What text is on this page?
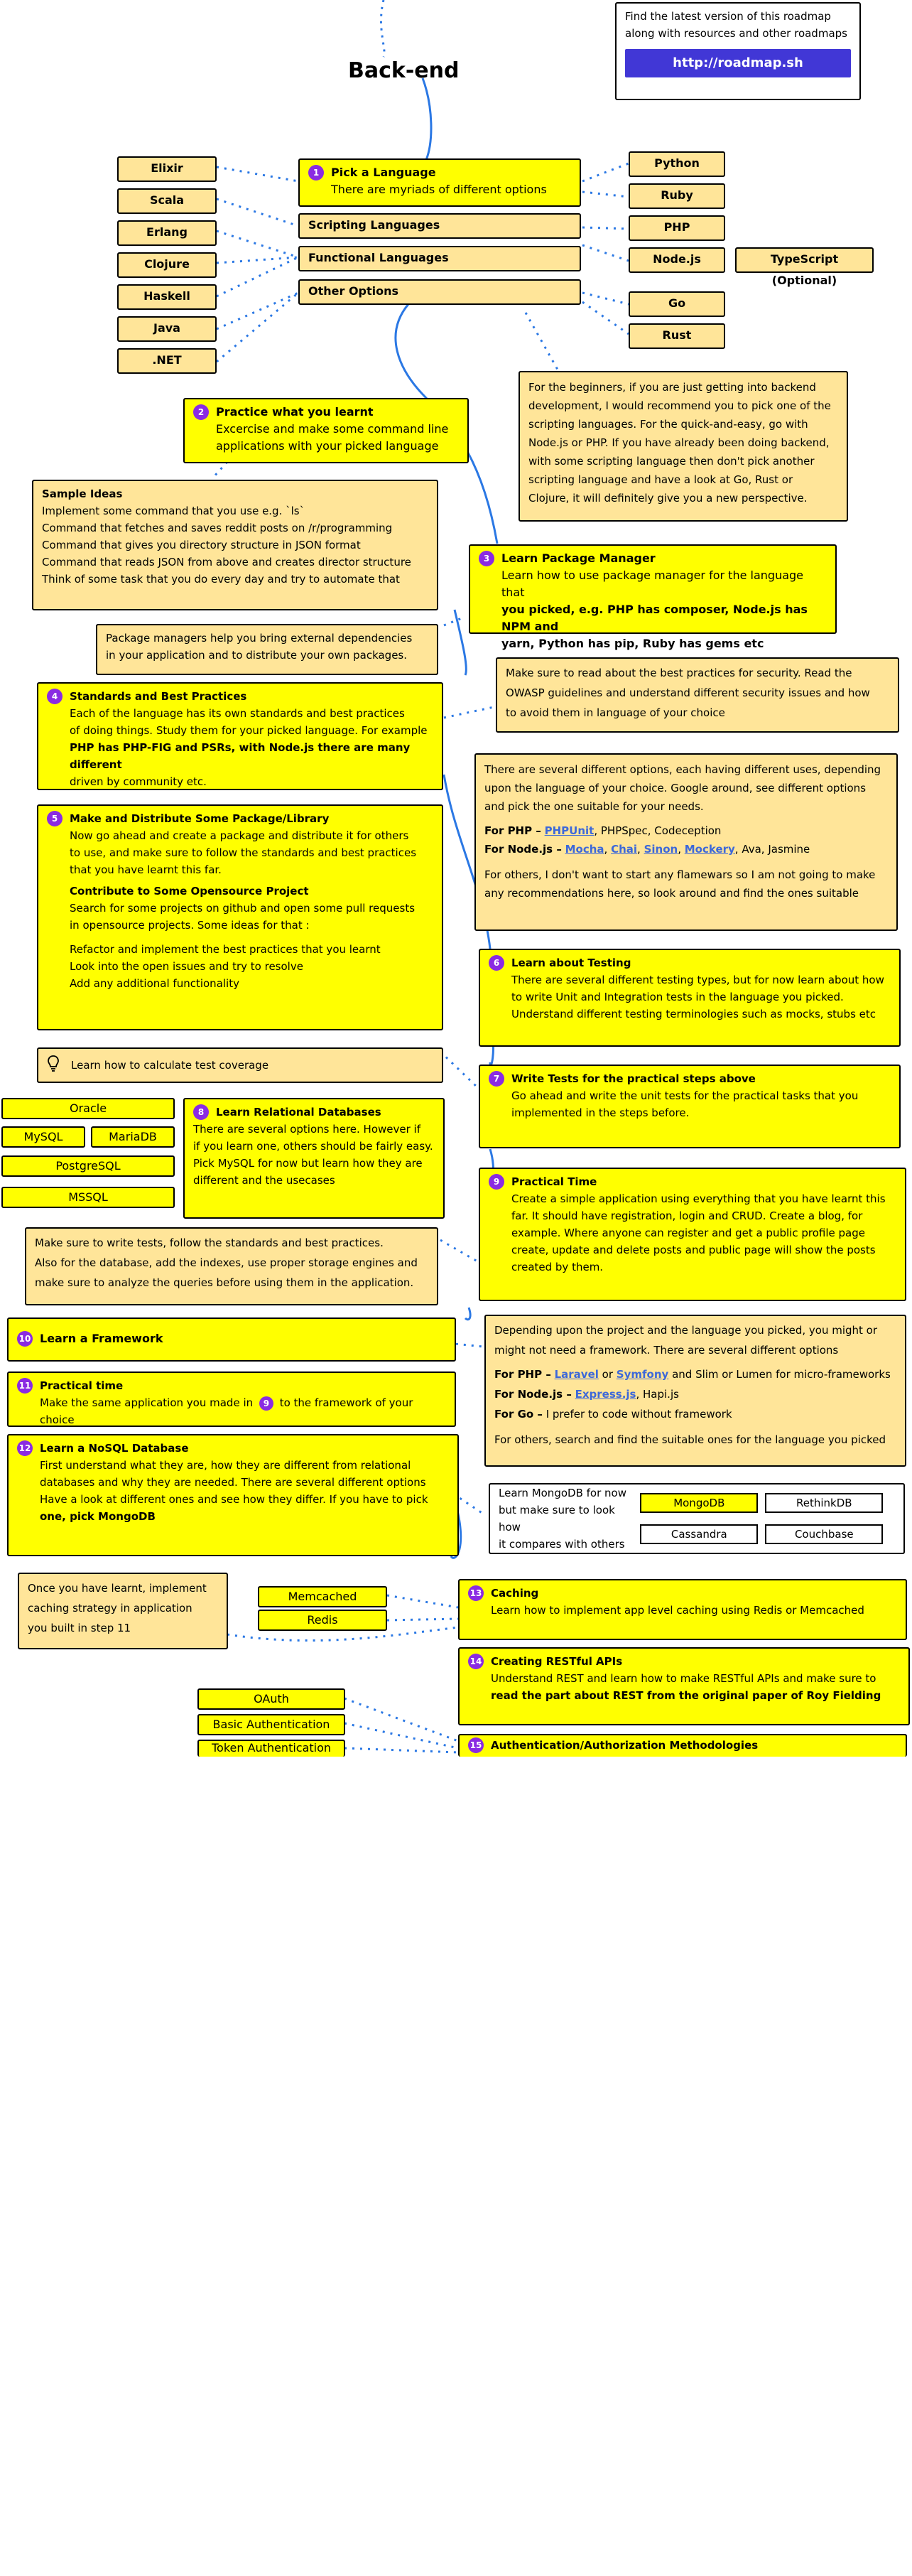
Find the latest version of this roadmap
along with resources and other roadmaps
http://roadmap.sh
Back-end
Elixir
Scala
Erlang
Clojure
Haskell
Java
.NET
1	Pick a Language
There are myriads of different options
Scripting Languages
Functional Languages
Other Options
Python
Ruby
PHP
Node.js	TypeScript (Optional)
Go
Rust
For the beginners, if you are just getting into backend
development, I would recommend you to pick one of the
scripting languages. For the quick-and-easy, go with
Node.js or PHP. If you have already been doing backend,
with some scripting language then don't pick another
scripting language and have a look at Go, Rust or
Clojure, it will definitely give you a new perspective.
2	Practice what you learnt
Excercise and make some command line
applications with your picked language
Sample Ideas
Implement some command that you use e.g. `ls`
Command that fetches and saves reddit posts on /r/programming
Command that gives you directory structure in JSON format
Command that reads JSON from above and creates director structure
Think of some task that you do every day and try to automate that
3	Learn Package Manager
Learn how to use package manager for the language that
you picked, e.g. PHP has composer, Node.js has NPM and
yarn, Python has pip, Ruby has gems etc
Package managers help you bring external dependencies
in your application and to distribute your own packages.
Make sure to read about the best practices for security. Read the
OWASP guidelines and understand different security issues and how
to avoid them in language of your choice
4	Standards and Best Practices
Each of the language has its own standards and best practices
of doing things. Study them for your picked language. For example
PHP has PHP-FIG and PSRs, with Node.js there are many different
driven by community etc.
There are several different options, each having different uses, depending
upon the language of your choice. Google around, see different options
and pick the one suitable for your needs.
For PHP – PHPUnit, PHPSpec, Codeception
For Node.js – Mocha, Chai, Sinon, Mockery, Ava, Jasmine
For others, I don't want to start any flamewars so I am not going to make
any recommendations here, so look around and find the ones suitable
5	Make and Distribute Some Package/Library
Now go ahead and create a package and distribute it for others
to use, and make sure to follow the standards and best practices
that you have learnt this far.
Contribute to Some Opensource Project
Search for some projects on github and open some pull requests
in opensource projects. Some ideas for that :
Refactor and implement the best practices that you learnt
Look into the open issues and try to resolve
Add any additional functionality
6	Learn about Testing
There are several different testing types, but for now learn about how
to write Unit and Integration tests in the language you picked.
Understand different testing terminologies such as mocks, stubs etc
Learn how to calculate test coverage
7	Write Tests for the practical steps above
Go ahead and write the unit tests for the practical tasks that you
implemented in the steps before.
Oracle
MySQL	MariaDB
PostgreSQL
MSSQL
8	Learn Relational Databases
There are several options here. However if
if you learn one, others should be fairly easy.
Pick MySQL for now but learn how they are
different and the usecases	9	Practical Time
Create a simple application using everything that you have learnt this
far. It should have registration, login and CRUD. Create a blog, for
example. Where anyone can register and get a public profile page
create, update and delete posts and public page will show the posts
created by them.
Make sure to write tests, follow the standards and best practices.
Also for the database, add the indexes, use proper storage engines and
make sure to analyze the queries before using them in the application.
10 Learn a Framework
Depending upon the project and the language you picked, you might or
might not need a framework. There are several different options
For PHP – Laravel or Symfony and Slim or Lumen for micro-frameworks
For Node.js – Express.js, Hapi.js
For Go – I prefer to code without framework
For others, search and find the suitable ones for the language you picked
11 Practical time
Make the same application you made in 9 to the framework of your choice
12 Learn a NoSQL Database
First understand what they are, how they are different from relational
databases and why they are needed. There are several different options
Have a look at different ones and see how they differ. If you have to pick
one, pick MongoDB
Learn MongoDB for now
but make sure to look how
it compares with others
MongoDB	RethinkDB
Cassandra	Couchbase
Once you have learnt, implement
caching strategy in application
you built in step 11
Memcached
Redis
13 Caching
Learn how to implement app level caching using Redis or Memcached
14 Creating RESTful APIs
Understand REST and learn how to make RESTful APIs and make sure to
read the part about REST from the original paper of Roy Fielding
OAuth
Basic Authentication
Token Authentication	15 Authentication/Authorization Methodologies
